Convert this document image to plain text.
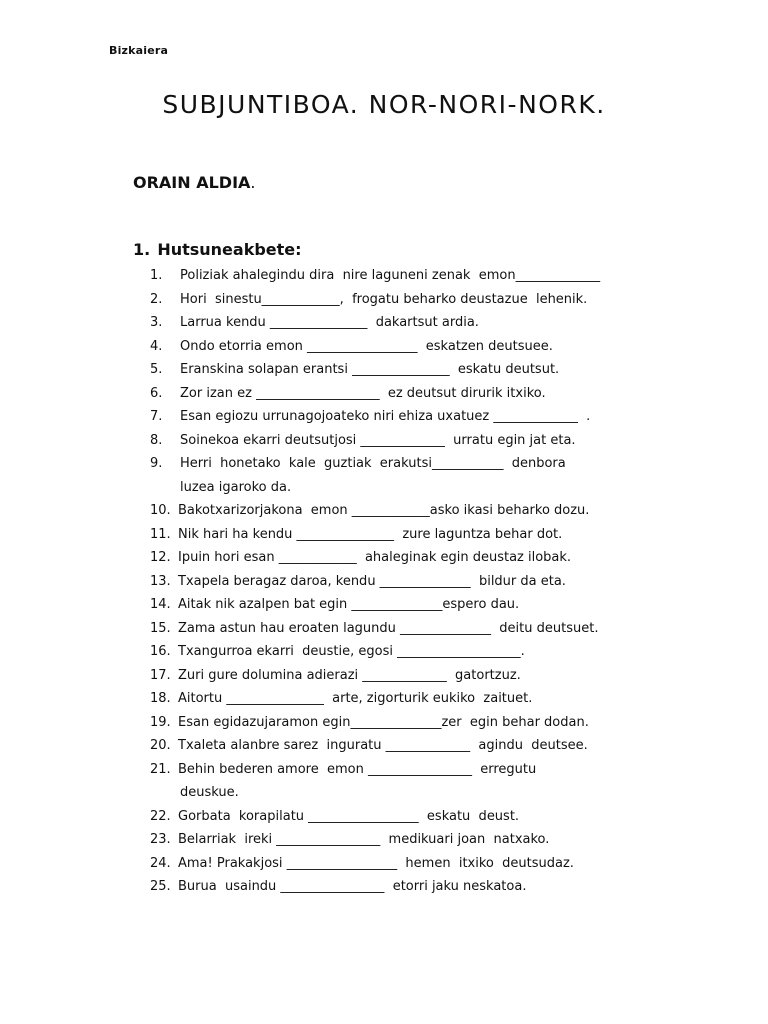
Bizkaiera
SUBJUNTIBOA. NOR-NORI-NORK.
ORAIN ALDIA.
1. Hutsuneakbete:
1.	Poliziak ahalegindu dira  nire laguneni zenak  emon_____________
2.	Hori  sinestu____________,  frogatu beharko deustazue  lehenik.
3.	Larrua kendu _______________  dakartsut ardia.
4.	Ondo etorria emon _________________  eskatzen deutsuee.
5.	Eranskina solapan erantsi _______________  eskatu deutsut.
6.	Zor izan ez ___________________  ez deutsut dirurik itxiko.
7.	Esan egiozu urrunagojoateko niri ehiza uxatuez _____________  .
8.	Soinekoa ekarri deutsutjosi _____________  urratu egin jat eta.
9.	Herri  honetako  kale  guztiak  erakutsi___________  denbora
luzea igaroko da.
10. Bakotxarizorjakona  emon ____________asko ikasi beharko dozu.
11. Nik hari ha kendu _______________  zure laguntza behar dot.
12. Ipuin hori esan ____________  ahaleginak egin deustaz ilobak.
13. Txapela beragaz daroa, kendu ______________  bildur da eta.
14. Aitak nik azalpen bat egin ______________espero dau.
15. Zama astun hau eroaten lagundu ______________  deitu deutsuet.
16. Txangurroa ekarri  deustie, egosi ___________________.
17. Zuri gure dolumina adierazi _____________  gatortzuz.
18. Aitortu _______________  arte, zigorturik eukiko  zaituet.
19. Esan egidazujaramon egin______________zer  egin behar dodan.
20. Txaleta alanbre sarez  inguratu _____________  agindu  deutsee.
21. Behin bederen amore  emon ________________  erregutu
deuskue.
22. Gorbata  korapilatu _________________  eskatu  deust.
23. Belarriak  ireki ________________  medikuari joan  natxako.
24. Ama! Prakakjosi _________________  hemen  itxiko  deutsudaz.
25. Burua  usaindu ________________  etorri jaku neskatoa.
